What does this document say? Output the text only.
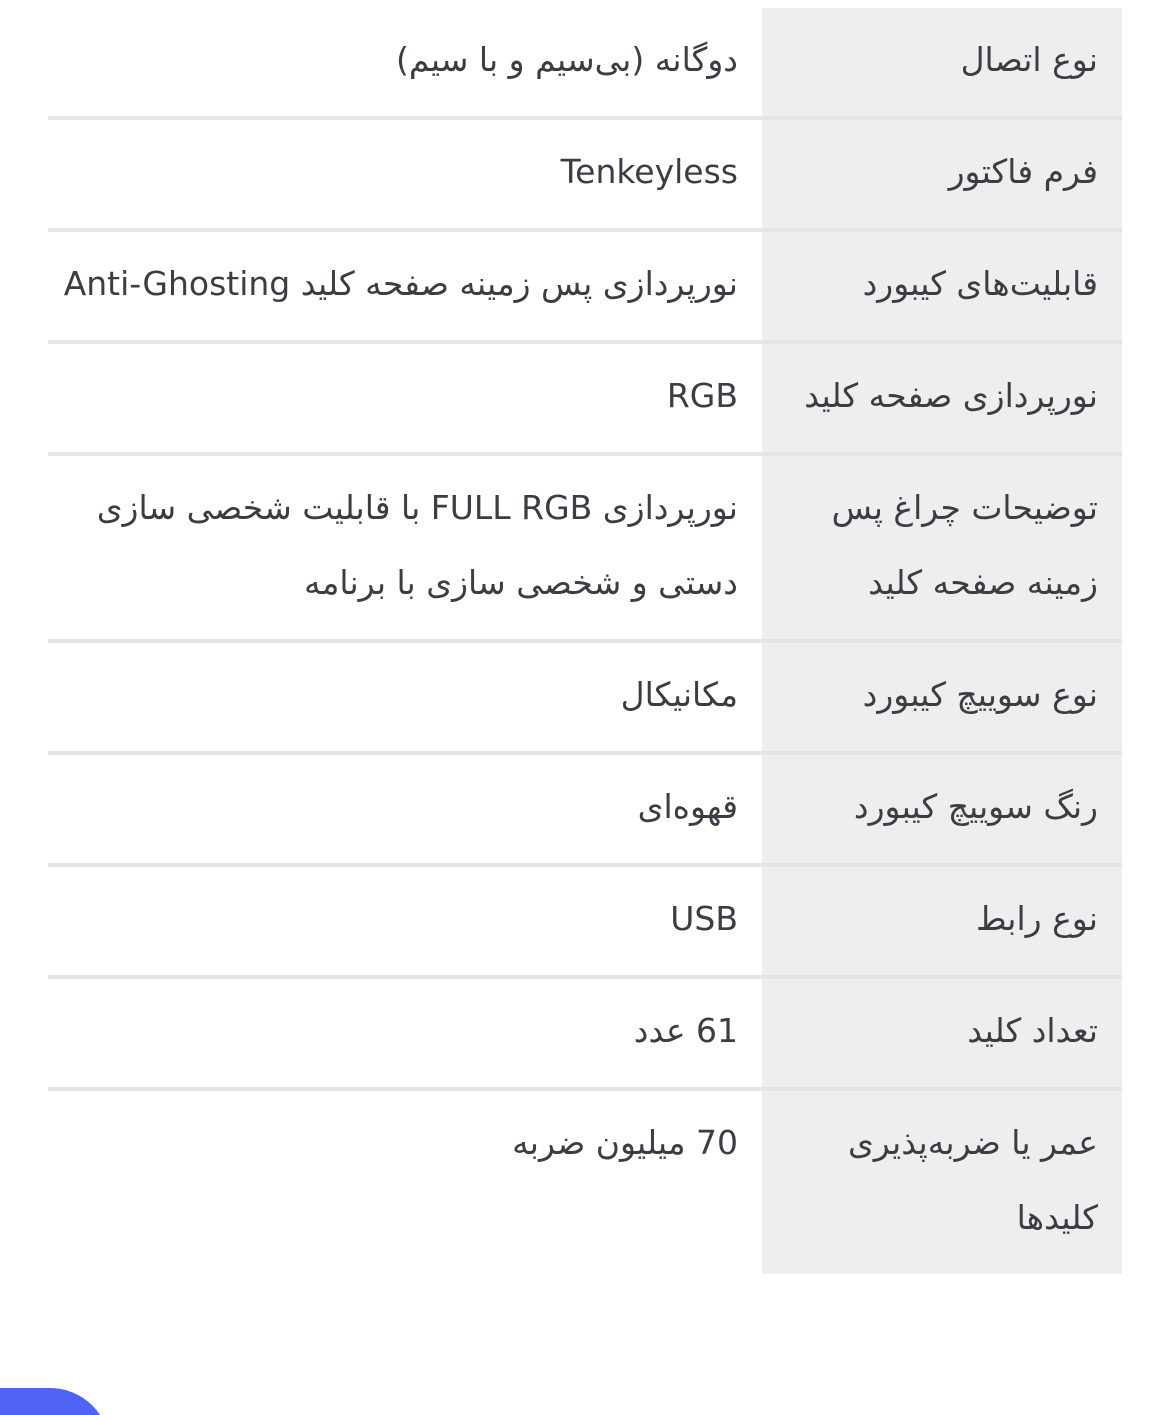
نوع اتصال	دوگانه (بی‌سیم و با سیم)
فرم فاکتور	Tenkeyless
قابلیت‌های کیبورد	نورپردازی پس زمینه صفحه کلید Anti-Ghosting
نورپردازی صفحه کلید	RGB
توضیحات چراغ پس زمینه صفحه کلید	نورپردازی FULL RGB با قابلیت شخصی سازی دستی و شخصی سازی با برنامه
نوع سوییچ کیبورد	مکانیکال
رنگ سوییچ کیبورد	قهوه‌ای
نوع رابط	USB
تعداد کلید	61 عدد
عمر یا ضربه‌پذیری کلیدها	70 میلیون ضربه
